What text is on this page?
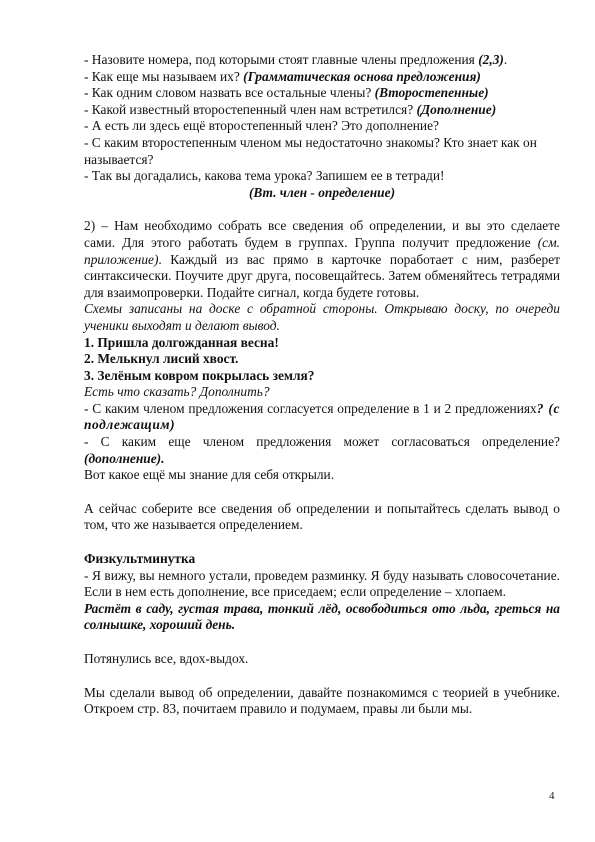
- Назовите номера, под которыми стоят главные члены предложения (2,3).

- Как еще мы называем их? (Грамматическая основа предложения)

- Как одним словом назвать все остальные члены? (Второстепенные)

- Какой известный второстепенный член нам встретился? (Дополнение)

- А есть ли здесь ещё второстепенный член? Это дополнение?

- С каким второстепенным членом мы недостаточно знакомы? Кто знает как он называется?

- Так вы догадались, какова тема урока? Запишем ее в тетради!

(Вт. член - определение)

2) – Нам необходимо собрать все сведения об определении, и вы это сделаете сами. Для этого работать будем в группах. Группа получит предложение (см. приложение). Каждый из вас прямо в карточке поработает с ним, разберет синтаксически. Поучите друг друга, посовещайтесь. Затем обменяйтесь тетрадями для взаимопроверки. Подайте сигнал, когда будете готовы.

Схемы записаны на доске с обратной стороны. Открываю доску, по очереди ученики выходят и делают вывод.

1. Пришла долгожданная весна!

2. Мелькнул лисий хвост.

3. Зелёным ковром покрылась земля?

Есть что сказать? Дополнить?

- С каким членом предложения согласуется определение в 1 и 2 предложениях? (с подлежащим)

- С каким еще членом предложения может согласоваться определение? (дополнение).

Вот какое ещё мы знание для себя открыли.

А сейчас соберите все сведения об определении и попытайтесь сделать вывод о том, что же называется определением.

Физкультминутка

- Я вижу, вы немного устали, проведем разминку. Я буду называть словосочетание. Если в нем есть дополнение, все приседаем; если определение – хлопаем.

Растёт в саду, густая трава, тонкий лёд, освободиться ото льда, греться на солнышке, хороший день.

Потянулись все, вдох-выдох.

Мы сделали вывод об определении, давайте познакомимся с теорией в учебнике. Откроем стр. 83, почитаем правило и подумаем, правы ли были мы.

4
